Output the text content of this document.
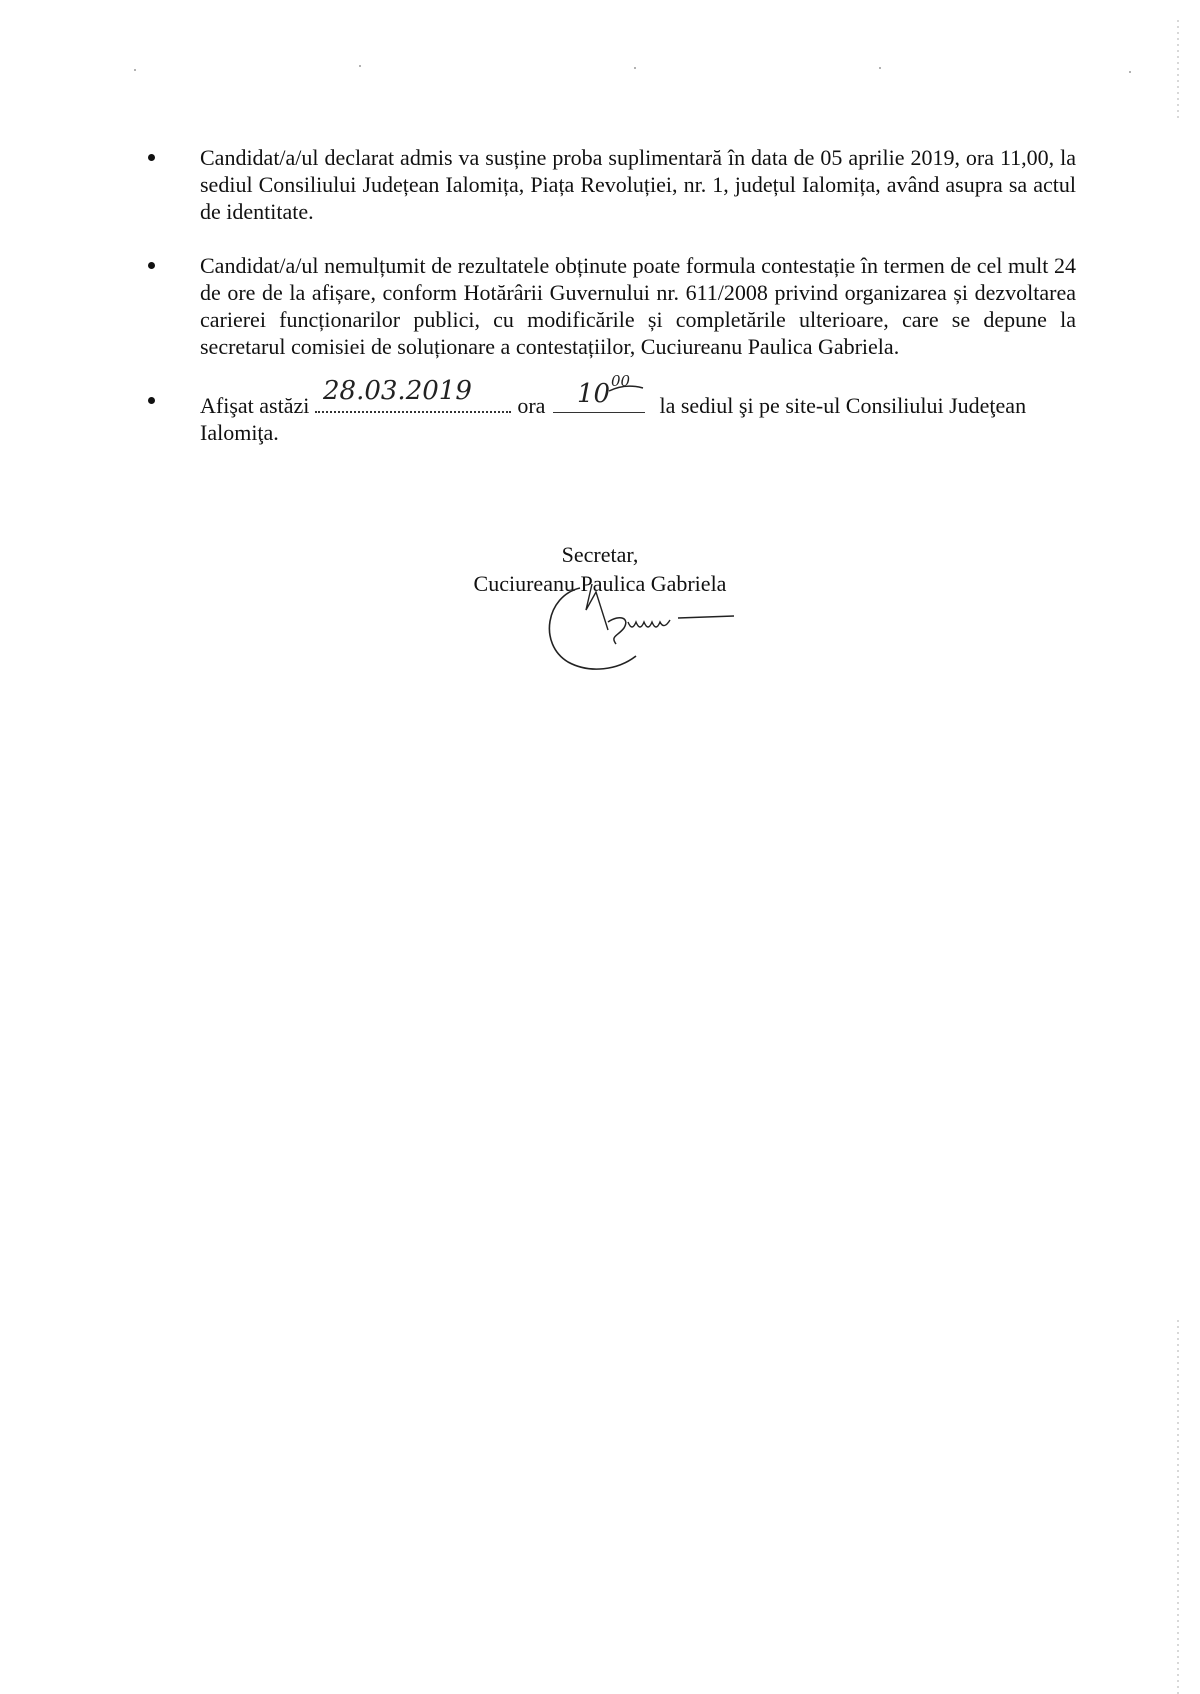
Candidat/a/ul declarat admis va susține proba suplimentară în data de 05 aprilie 2019, ora 11,00, la sediul Consiliului Județean Ialomița, Piața Revoluției, nr. 1, județul Ialomița, având asupra sa actul de identitate.
Candidat/a/ul nemulțumit de rezultatele obținute poate formula contestație în termen de cel mult 24 de ore de la afișare, conform Hotărârii Guvernului nr. 611/2008 privind organizarea și dezvoltarea carierei funcționarilor publici, cu modificările și completările ulterioare, care se depune la secretarul comisiei de soluționare a contestațiilor, Cuciureanu Paulica Gabriela.
Afişat astăzi 28.03.2019 ora 10 00
la sediul şi pe site-ul Consiliului Judeţean
Ialomiţa.
Secretar,
Cuciureanu Paulica Gabriela
